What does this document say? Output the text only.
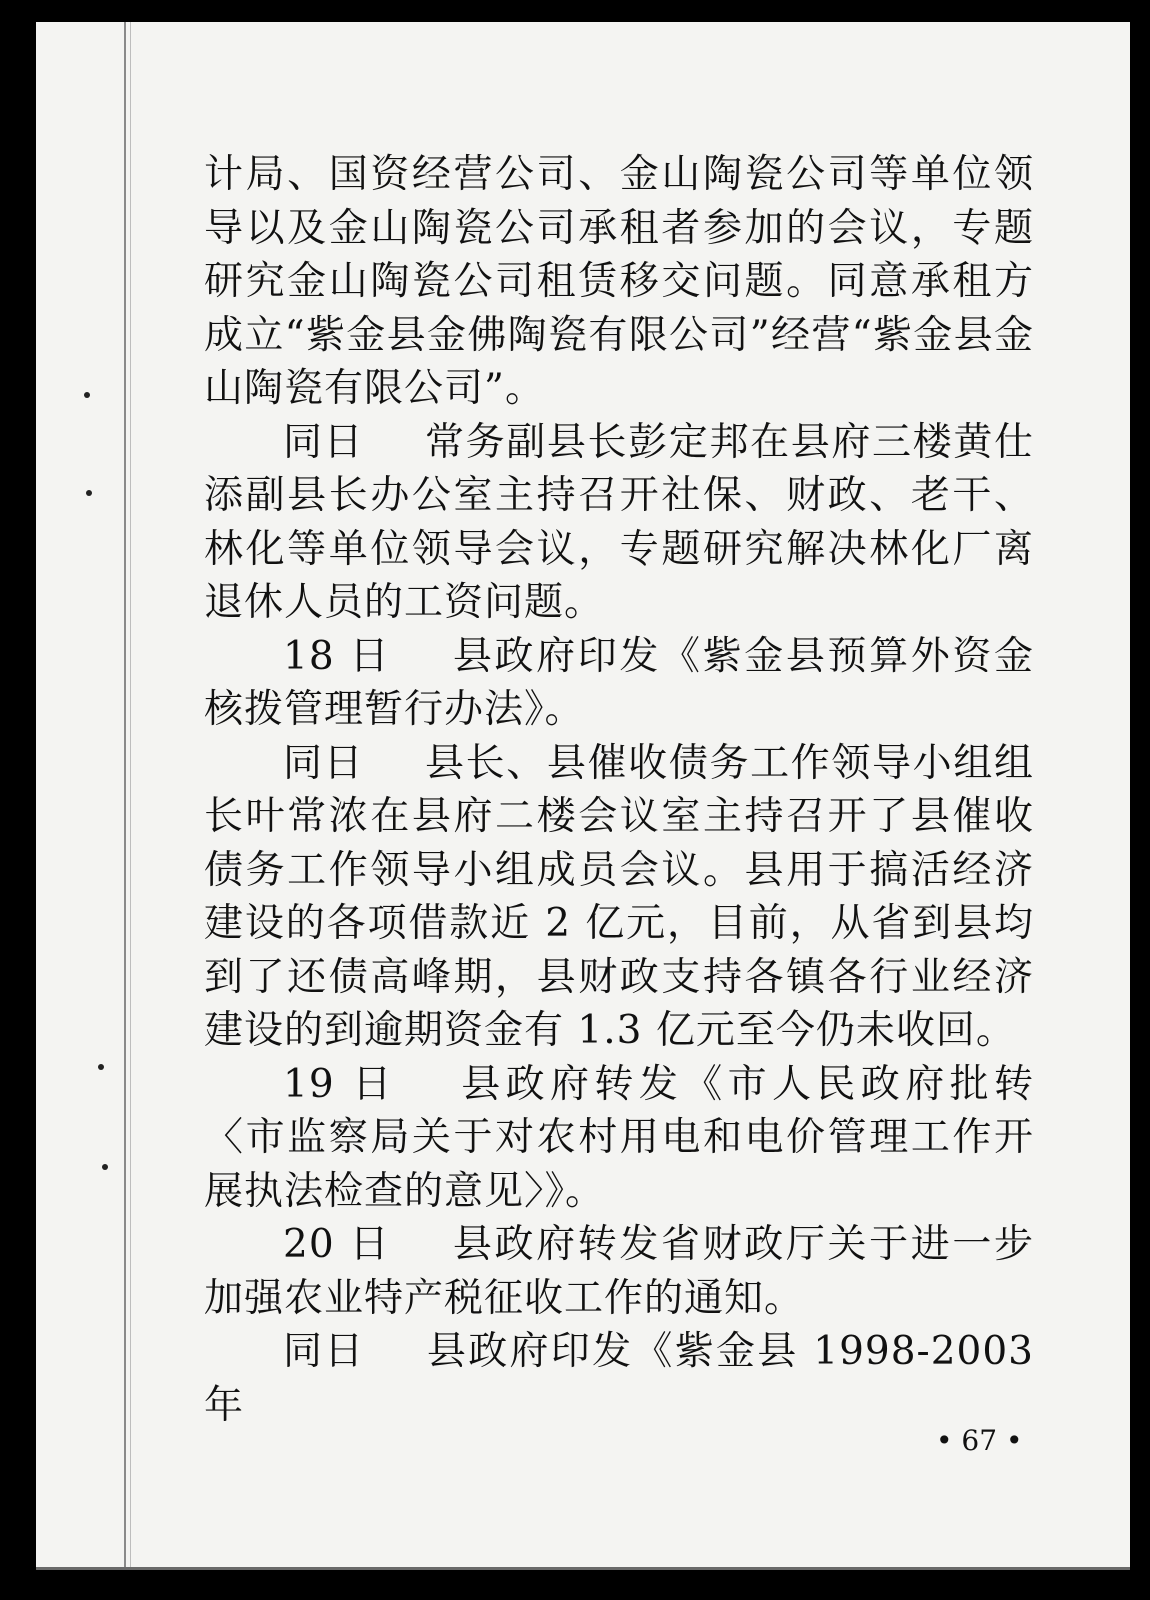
计局、国资经营公司、金山陶瓷公司等单位领导以及金山陶瓷公司承租者参加的会议，专题研究金山陶瓷公司租赁移交问题。同意承租方成立“紫金县金佛陶瓷有限公司”经营“紫金县金山陶瓷有限公司”。

同日 常务副县长彭定邦在县府三楼黄仕添副县长办公室主持召开社保、财政、老干、林化等单位领导会议，专题研究解决林化厂离退休人员的工资问题。

18 日 县政府印发《紫金县预算外资金核拨管理暂行办法》。

同日 县长、县催收债务工作领导小组组长叶常浓在县府二楼会议室主持召开了县催收债务工作领导小组成员会议。县用于搞活经济建设的各项借款近 2 亿元，目前，从省到县均到了还债高峰期，县财政支持各镇各行业经济建设的到逾期资金有 1.3 亿元至今仍未收回。

19 日 县政府转发《市人民政府批转〈市监察局关于对农村用电和电价管理工作开展执法检查的意见〉》。

20 日 县政府转发省财政厅关于进一步加强农业特产税征收工作的通知。

同日 县政府印发《紫金县 1998-2003 年

• 67 •
